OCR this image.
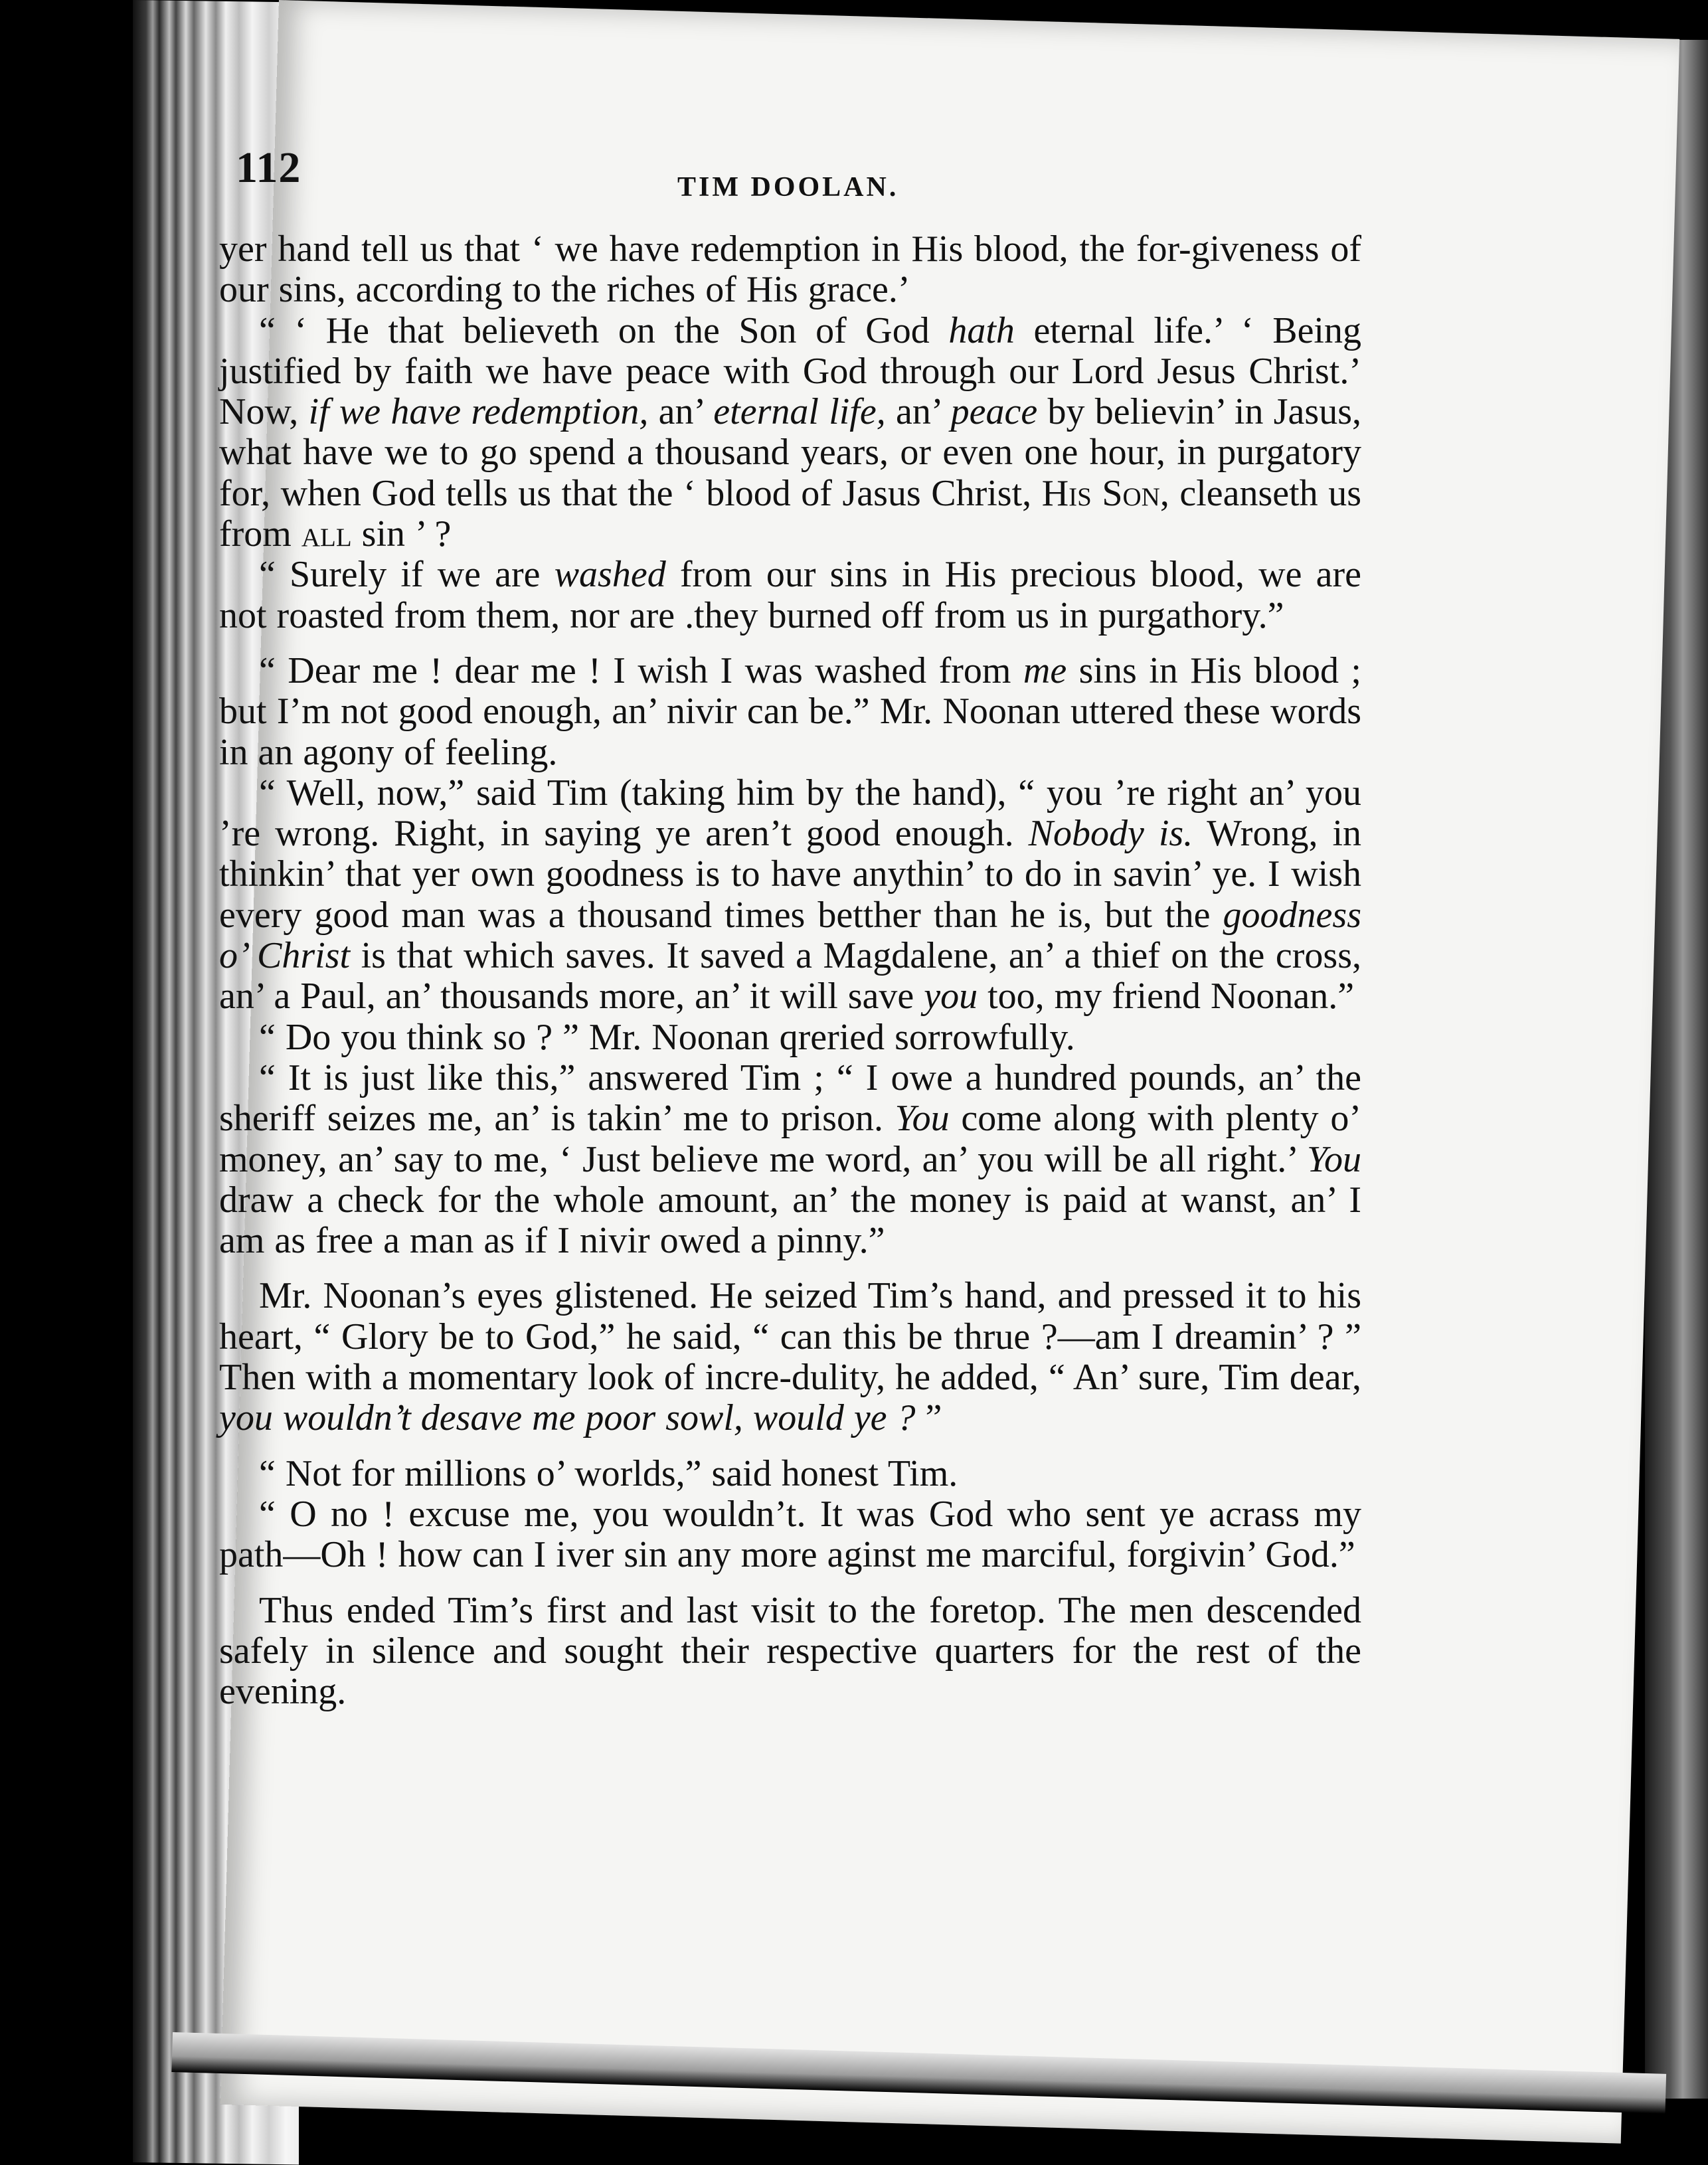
112	TIM DOOLAN.

yer hand tell us that ‘ we have redemption in His blood, the for-giveness of our sins, according to the riches of His grace.’

“ ‘ He that believeth on the Son of God hath eternal life.’ ‘ Being justified by faith we have peace with God through our Lord Jesus Christ.’ Now, if we have redemption, an’ eternal life, an’ peace by believin’ in Jasus, what have we to go spend a thousand years, or even one hour, in purgatory for, when God tells us that the ‘ blood of Jasus Christ, His Son, cleanseth us from all sin ’ ?

“ Surely if we are washed from our sins in His precious blood, we are not roasted from them, nor are .they burned off from us in purgathory.”

“ Dear me ! dear me ! I wish I was washed from me sins in His blood ; but I’m not good enough, an’ nivir can be.” Mr. Noonan uttered these words in an agony of feeling.

“ Well, now,” said Tim (taking him by the hand), “ you ’re right an’ you ’re wrong. Right, in saying ye aren’t good enough. Nobody is. Wrong, in thinkin’ that yer own goodness is to have anythin’ to do in savin’ ye. I wish every good man was a thousand times betther than he is, but the goodness o’ Christ is that which saves. It saved a Magdalene, an’ a thief on the cross, an’ a Paul, an’ thousands more, an’ it will save you too, my friend Noonan.”

“ Do you think so ? ” Mr. Noonan qreried sorrowfully.

“ It is just like this,” answered Tim ; “ I owe a hundred pounds, an’ the sheriff seizes me, an’ is takin’ me to prison. You come along with plenty o’ money, an’ say to me, ‘ Just believe me word, an’ you will be all right.’ You draw a check for the whole amount, an’ the money is paid at wanst, an’ I am as free a man as if I nivir owed a pinny.”

Mr. Noonan’s eyes glistened. He seized Tim’s hand, and pressed it to his heart, “ Glory be to God,” he said, “ can this be thrue ?—am I dreamin’ ? ” Then with a momentary look of incre-dulity, he added, “ An’ sure, Tim dear, you wouldn’t desave me poor sowl, would ye ? ”

“ Not for millions o’ worlds,” said honest Tim.

“ O no ! excuse me, you wouldn’t. It was God who sent ye acrass my path—Oh ! how can I iver sin any more aginst me marciful, forgivin’ God.”

Thus ended Tim’s first and last visit to the foretop. The men descended safely in silence and sought their respective quarters for the rest of the evening.
